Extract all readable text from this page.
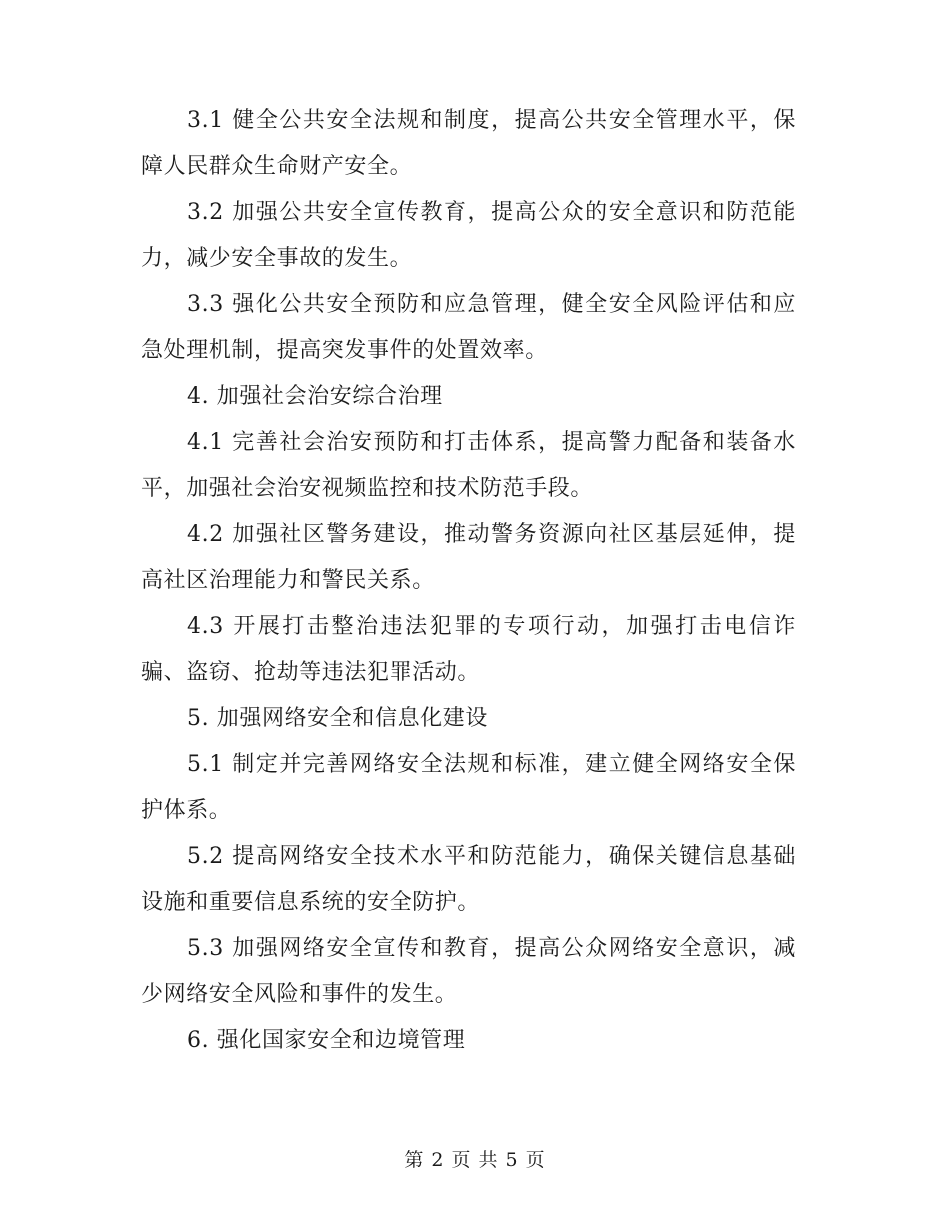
3.1 健全公共安全法规和制度，提高公共安全管理水平，保障人民群众生命财产安全。

3.2 加强公共安全宣传教育，提高公众的安全意识和防范能力，减少安全事故的发生。

3.3 强化公共安全预防和应急管理，健全安全风险评估和应急处理机制，提高突发事件的处置效率。

4. 加强社会治安综合治理

4.1 完善社会治安预防和打击体系，提高警力配备和装备水平，加强社会治安视频监控和技术防范手段。

4.2 加强社区警务建设，推动警务资源向社区基层延伸，提高社区治理能力和警民关系。

4.3 开展打击整治违法犯罪的专项行动，加强打击电信诈骗、盗窃、抢劫等违法犯罪活动。

5. 加强网络安全和信息化建设

5.1 制定并完善网络安全法规和标准，建立健全网络安全保护体系。

5.2 提高网络安全技术水平和防范能力，确保关键信息基础设施和重要信息系统的安全防护。

5.3 加强网络安全宣传和教育，提高公众网络安全意识，减少网络安全风险和事件的发生。

6. 强化国家安全和边境管理

第 2 页 共 5 页
